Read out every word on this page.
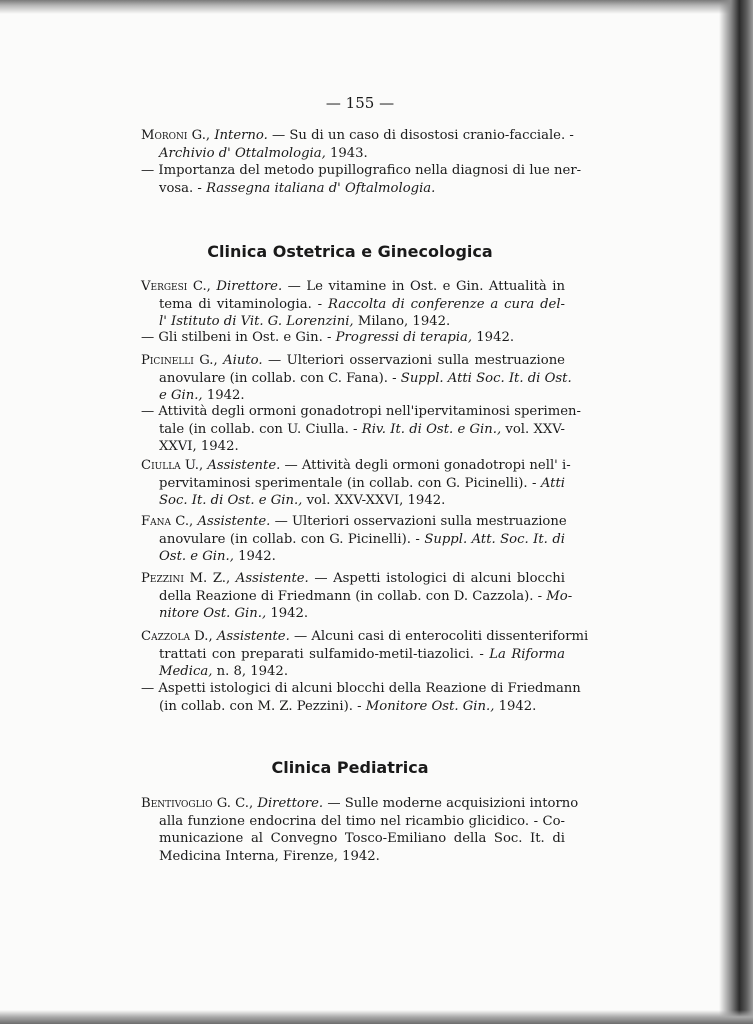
— 155 —
Moroni G., Interno. — Su di un caso di disostosi cranio-facciale. -
Archivio d' Ottalmologia, 1943.
— Importanza del metodo pupillografico nella diagnosi di lue ner-
vosa. - Rassegna italiana d' Oftalmologia.
Clinica Ostetrica e Ginecologica
Vergesi C., Direttore. — Le vitamine in Ost. e Gin. Attualità in
tema di vitaminologia. - Raccolta di conferenze a cura del-
l' Istituto di Vit. G. Lorenzini, Milano, 1942.
— Gli stilbeni in Ost. e Gin. - Progressi di terapia, 1942.
Picinelli G., Aiuto. — Ulteriori osservazioni sulla mestruazione
anovulare (in collab. con C. Fana). - Suppl. Atti Soc. It. di Ost.
e Gin., 1942.
— Attività degli ormoni gonadotropi nell'ipervitaminosi sperimen-
tale (in collab. con U. Ciulla. - Riv. It. di Ost. e Gin., vol. XXV-
XXVI, 1942.
Ciulla U., Assistente. — Attività degli ormoni gonadotropi nell' i-
pervitaminosi sperimentale (in collab. con G. Picinelli). - Atti
Soc. It. di Ost. e Gin., vol. XXV-XXVI, 1942.
Fana C., Assistente. — Ulteriori osservazioni sulla mestruazione
anovulare (in collab. con G. Picinelli). - Suppl. Att. Soc. It. di
Ost. e Gin., 1942.
Pezzini M. Z., Assistente. — Aspetti istologici di alcuni blocchi
della Reazione di Friedmann (in collab. con D. Cazzola). - Mo-
nitore Ost. Gin., 1942.
Cazzola D., Assistente. — Alcuni casi di enterocoliti dissenteriformi
trattati con preparati sulfamido-metil-tiazolici. - La Riforma
Medica, n. 8, 1942.
— Aspetti istologici di alcuni blocchi della Reazione di Friedmann
(in collab. con M. Z. Pezzini). - Monitore Ost. Gin., 1942.
Clinica Pediatrica
Bentivoglio G. C., Direttore. — Sulle moderne acquisizioni intorno
alla funzione endocrina del timo nel ricambio glicidico. - Co-
municazione al Convegno Tosco-Emiliano della Soc. It. di
Medicina Interna, Firenze, 1942.
